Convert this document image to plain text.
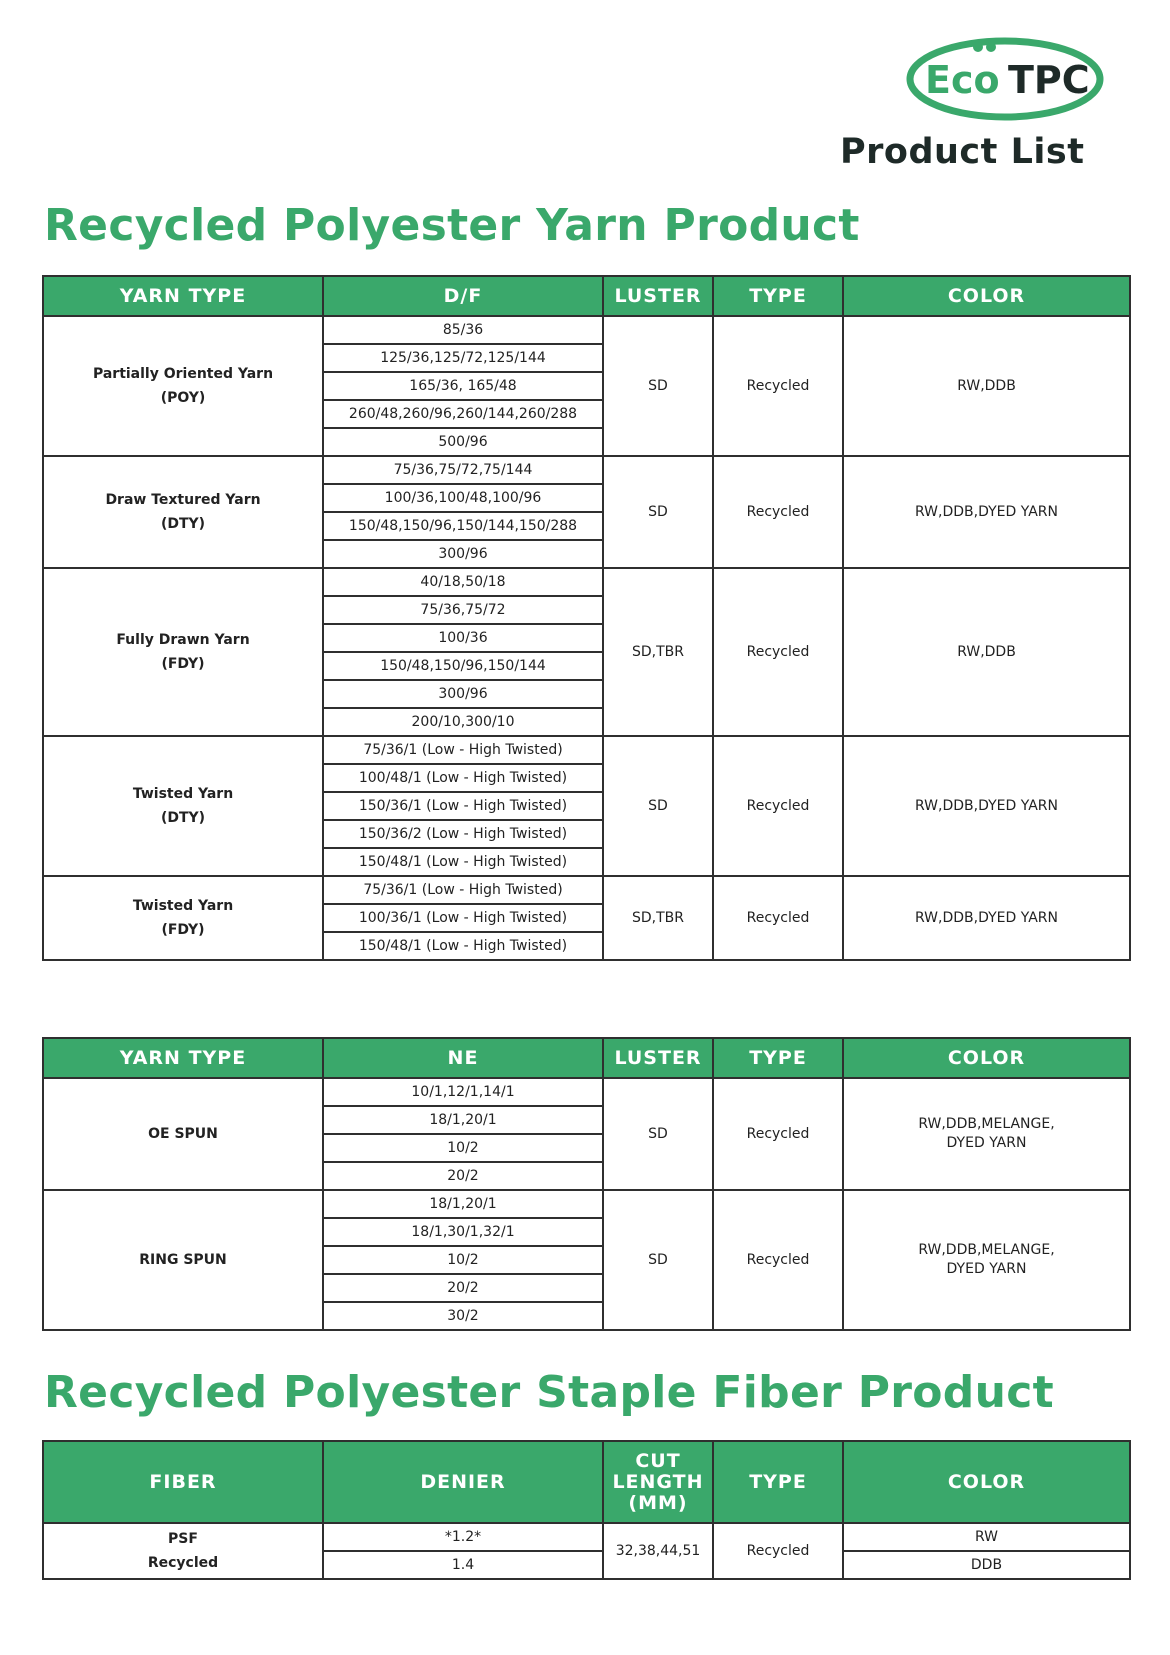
Eco TPC
Product List
Recycled Polyester Yarn Product
YARN TYPE	D/F	LUSTER	TYPE	COLOR

Partially Oriented Yarn
(POY)	85/36	SD	Recycled	RW,DDB

	125/36,125/72,125/144			
	165/36, 165/48			
	260/48,260/96,260/144,260/288			
	500/96			

Draw Textured Yarn
(DTY)	75/36,75/72,75/144	SD	Recycled	RW,DDB,DYED YARN

	100/36,100/48,100/96			
	150/48,150/96,150/144,150/288			
	300/96			

Fully Drawn Yarn
(FDY)	40/18,50/18	SD,TBR	Recycled	RW,DDB

	75/36,75/72			
	100/36			
	150/48,150/96,150/144			
	300/96			
	200/10,300/10			

Twisted Yarn
(DTY)	75/36/1 (Low - High Twisted)	SD	Recycled	RW,DDB,DYED YARN

	100/48/1 (Low - High Twisted)			
	150/36/1 (Low - High Twisted)			
	150/36/2 (Low - High Twisted)			
	150/48/1 (Low - High Twisted)			

Twisted Yarn
(FDY)	75/36/1 (Low - High Twisted)	SD,TBR	Recycled	RW,DDB,DYED YARN

	100/36/1 (Low - High Twisted)			
	150/48/1 (Low - High Twisted)			
YARN TYPE	NE	LUSTER	TYPE	COLOR

OE SPUN	10/1,12/1,14/1	SD	Recycled	RW,DDB,MELANGE,
DYED YARN

	18/1,20/1			
	10/2			
	20/2			

RING SPUN	18/1,20/1	SD	Recycled	RW,DDB,MELANGE,
DYED YARN

	18/1,30/1,32/1			
	10/2			
	20/2			
	30/2			
Recycled Polyester Staple Fiber Product
FIBER	DENIER	CUT
LENGTH
(MM)	TYPE	COLOR

PSF
Recycled	*1.2*	32,38,44,51	Recycled	RW
	1.4			DDB
